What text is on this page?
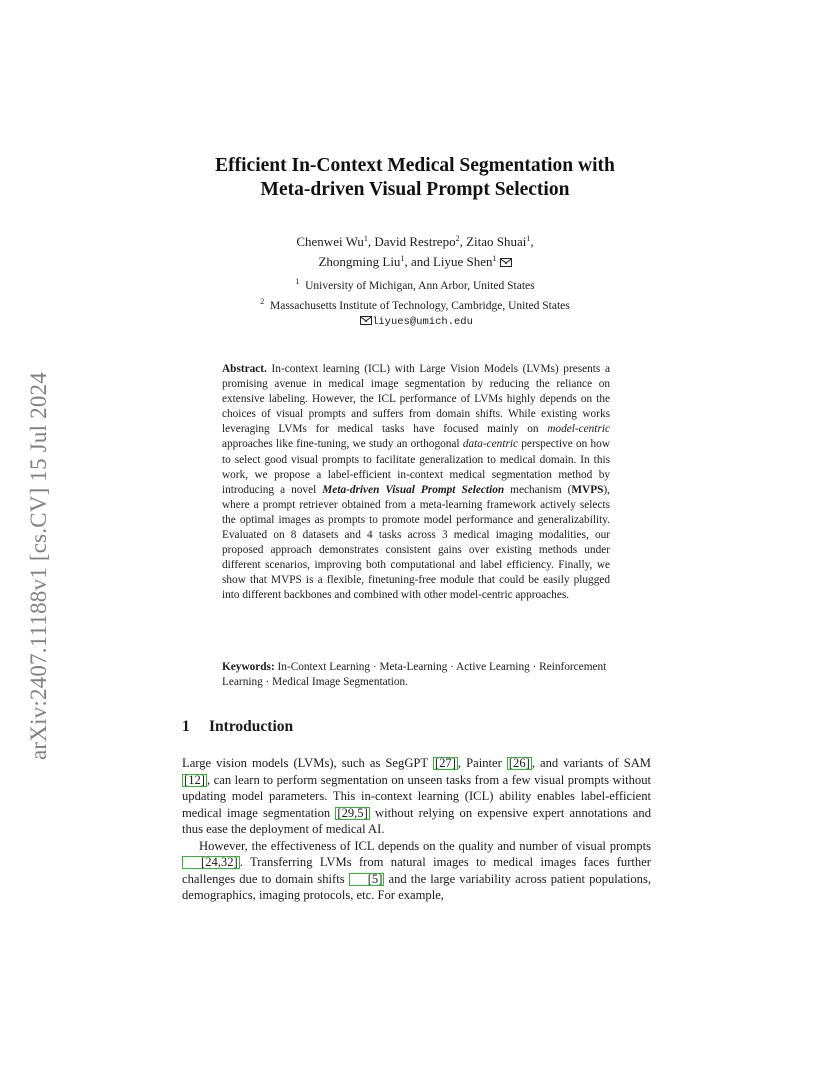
arXiv:2407.11188v1 [cs.CV] 15 Jul 2024
Efficient In-Context Medical Segmentation with
Meta-driven Visual Prompt Selection
Chenwei Wu$^1$, David Restrepo$^2$, Zitao Shuai$^1$,
Zhongming Liu$^1$, and Liyue Shen$^1$
$^1$ University of Michigan, Ann Arbor, United States
$^2$ Massachusetts Institute of Technology, Cambridge, United States
liyues@umich.edu
Abstract. In-context learning (ICL) with Large Vision Models (LVMs) presents a promising avenue in medical image segmentation by reducing the reliance on extensive labeling. However, the ICL performance of LVMs highly depends on the choices of visual prompts and suffers from domain shifts. While existing works leveraging LVMs for medical tasks have focused mainly on model-centric approaches like fine-tuning, we study an orthogonal data-centric perspective on how to select good visual prompts to facilitate generalization to medical domain. In this work, we propose a label-efficient in-context medical segmentation method by introducing a novel Meta-driven Visual Prompt Selection mechanism (MVPS), where a prompt retriever obtained from a meta-learning framework actively selects the optimal images as prompts to promote model performance and generalizability. Evaluated on 8 datasets and 4 tasks across 3 medical imaging modalities, our proposed approach demonstrates consistent gains over existing methods under different scenarios, improving both computational and label efficiency. Finally, we show that MVPS is a flexible, finetuning-free module that could be easily plugged into different backbones and combined with other model-centric approaches.
Keywords: In-Context Learning · Meta-Learning · Active Learning · Reinforcement Learning · Medical Image Segmentation.
1 Introduction

Large vision models (LVMs), such as SegGPT [27] , Painter [26] , and variants of SAM [12] , can learn to perform segmentation on unseen tasks from a few visual prompts without updating model parameters. This in-context learning (ICL) ability enables label-efficient medical image segmentation [29,5] without relying on expensive expert annotations and thus ease the deployment of medical AI.

However, the effectiveness of ICL depends on the quality and number of visual prompts [24,32] . Transferring LVMs from natural images to medical images faces further challenges due to domain shifts [5] and the large variability across patient populations, demographics, imaging protocols, etc. For example,
